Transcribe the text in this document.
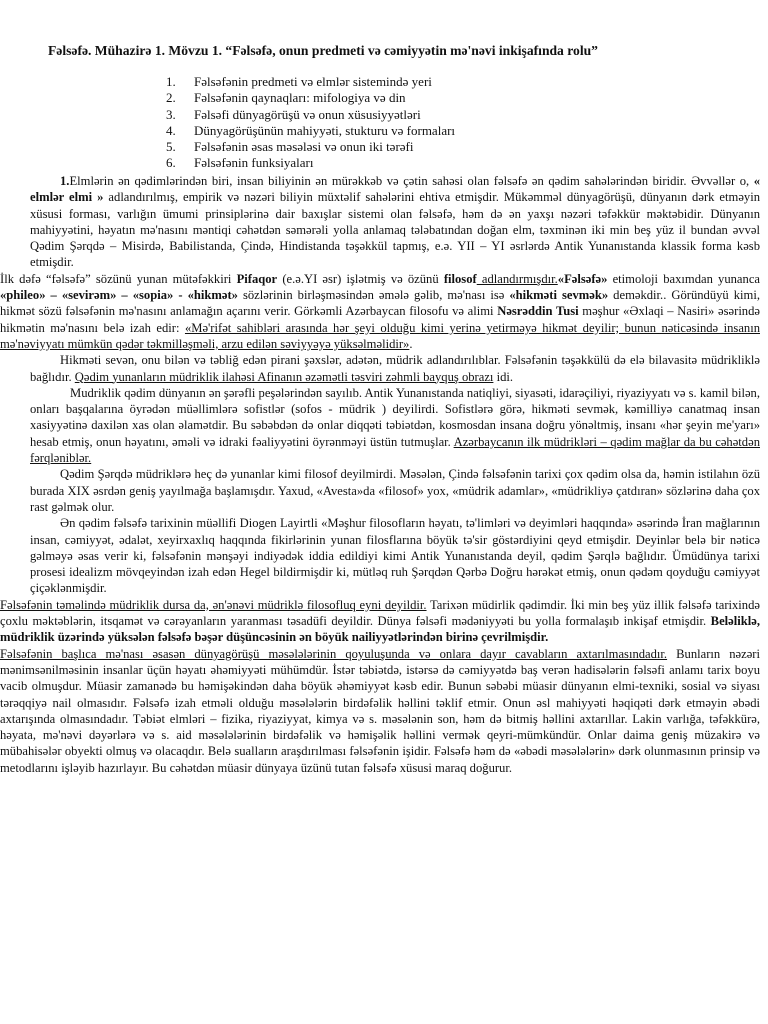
Fəlsəfə. Mühazirə 1. Mövzu 1. “Fəlsəfə, onun predmeti və cəmiyyətin mə'nəvi inkişafında rolu”
1. Fəlsəfənin predmeti və elmlər sistemində yeri
2. Fəlsəfənin qaynaqları: mifologiya və din
3. Fəlsəfi dünyagörüşü və onun xüsusiyyətləri
4. Dünyagörüşünün mahiyyəti, stukturu və formaları
5. Fəlsəfənin əsas məsələsi və onun iki tərəfi
6. Fəlsəfənin funksiyaları

1.Elmlərin ən qədimlərindən biri, insan biliyinin ən mürəkkəb və çətin sahəsi olan fəlsəfə ən qədim sahələrindən biridir. Əvvəllər o, « elmlər elmi » adlandırılmış, empirik və nəzəri biliyin müxtəlif sahələrini ehtiva etmişdir. Mükəmməl dünyagörüşü, dünyanın dərk etməyin xüsusi forması, varlığın ümumi prinsiplərinə dair baxışlar sistemi olan fəlsəfə, həm də ən yaxşı nəzəri təfəkkür məktəbidir. Dünyanın mahiyyətini, həyatın mə'nasını məntiqi cəhətdən səmərəli yolla anlamaq tələbatından doğan elm, təxminən iki min beş yüz il bundan əvvəl Qədim Şərqdə – Misirdə, Babilistanda, Çində, Hindistanda təşəkkül tapmış, e.ə. YII – YI əsrlərdə Antik Yunanıstanda klassik forma kəsb etmişdir.

İlk dəfə “fəlsəfə” sözünü yunan mütəfəkkiri Pifaqor (e.ə.YI əsr) işlətmiş və özünü filosof adlandırmışdır.«Fəlsəfə» etimoloji baxımdan yunanca «phileo» – «sevirəm» – «sopia» - «hikmət» sözlərinin birləşməsindən əmələ gəlib, mə'nası isə «hikməti sevmək» deməkdir.. Göründüyü kimi, hikmət sözü fəlsəfənin mə'nasını anlamağın açarını verir. Görkəmli Azərbaycan filosofu və alimi Nəsrəddin Tusi məşhur «Əxlaqi – Nasiri» əsərində hikmətin mə'nasını belə izah edir: «Mə'rifət sahibləri arasında hər şeyi olduğu kimi yerinə yetirməyə hikmət deyilir; bunun nəticəsində insanın mə'nəviyyatı mümkün qədər təkmilləşməli, arzu edilən səviyyəyə yüksəlməlidir».

Hikməti sevən, onu bilən və təbliğ edən pirani şəxslər, adətən, müdrik adlandırılıblar. Fəlsəfənin təşəkkülü də elə bilavasitə müdrikliklə bağlıdır. Qədim yunanların müdriklik ilahəsi Afinanın əzəmətli təsviri zəhmli bayquş obrazı idi.

Mudriklik qədim dünyanın ən şərəfli peşələrindən sayılıb. Antik Yunanıstanda natiqliyi, siyasəti, idarəçiliyi, riyaziyyatı və s. kamil bilən, onları başqalarına öyrədən müəllimlərə sofistlər (sofos - müdrik ) deyilirdi. Sofistlərə görə, hikməti sevmək, kəmilliyə canatmaq insan xasiyyətinə daxilən xas olan əlamətdir. Bu səbəbdən də onlar diqqəti təbiətdən, kosmosdan insana doğru yönəltmiş, insanı «hər şeyin me'yarı» hesab etmiş, onun həyatını, əməli və idraki fəaliyyətini öyrənməyi üstün tutmuşlar. Azərbaycanın ilk müdrikləri – qədim mağlar da bu cəhətdən fərqləniblər.

Qədim Şərqdə müdriklərə heç də yunanlar kimi filosof deyilmirdi. Məsələn, Çində fəlsəfənin tarixi çox qədim olsa da, həmin istilahın özü burada XIX əsrdən geniş yayılmağa başlamışdır. Yaxud, «Avesta»da «filosof» yox, «müdrik adamlar», «müdrikliyə çatdıran» sözlərinə daha çox rast gəlmək olur.

Ən qədim fəlsəfə tarixinin müəllifi Diogen Layirtli «Məşhur filosofların həyatı, tə'limləri və deyimləri haqqında» əsərində İran mağlarının insan, cəmiyyət, ədalət, xeyirxaxlıq haqqında fikirlərinin yunan filosflarına böyük tə'sir göstərdiyini qeyd etmişdir. Deyinlər belə bir nəticə gəlməyə əsas verir ki, fəlsəfənin mənşəyi indiyədək iddia edildiyi kimi Antik Yunanıstanda deyil, qədim Şərqlə bağlıdır. Ümüdünya tarixi prosesi idealizm mövqeyindən izah edən Hegel bildirmişdir ki, mütləq ruh Şərqdən Qərbə Doğru hərəkət etmiş, onun qədəm qoyduğu cəmiyyət çiçəklənmişdir.

Fəlsəfənin təməlində müdriklik dursa da, ən'ənəvi müdriklə filosofluq eyni deyildir. Tarixən müdirlik qədimdir. İki min beş yüz illik fəlsəfə tarixində çoxlu məktəblərin, itsqamət və cərəyanların yaranması təsadüfi deyildir. Dünya fəlsəfi mədəniyyəti bu yolla formalaşıb inkişaf etmişdir. Beləliklə, müdriklik üzərində yüksələn fəlsəfə bəşər düşüncəsinin ən böyük nailiyyətlərindən birinə çevrilmişdir.

Fəlsəfənin başlıca mə'nası əsasən dünyagörüşü məsələlərinin qoyuluşunda və onlara dayır cavabların axtarılmasındadır. Bunların nəzəri mənimsənilməsinin insanlar üçün həyatı əhəmiyyəti mühümdür. İstər təbiətdə, istərsə də cəmiyyətdə baş verən hadisələrin fəlsəfi anlamı tarix boyu vacib olmuşdur. Müasir zamanədə bu həmişəkindən daha böyük əhəmiyyət kəsb edir. Bunun səbəbi müasir dünyanın elmi-texniki, sosial və siyası tərəqqiyə nail olmasıdır. Fəlsəfə izah etməli olduğu məsələlərin birdəfəlik həllini təklif etmir. Onun əsl mahiyyəti həqiqəti dərk etməyin əbədi axtarışında olmasındadır. Təbiət elmləri – fizika, riyaziyyat, kimya və s. məsələnin son, həm də bitmiş həllini axtarıllar. Lakin varlığa, təfəkkürə, həyata, mə'nəvi dəyərlərə və s. aid məsələlərinin birdəfəlik və həmişəlik həllini vermək qeyri-mümkündür. Onlar daima geniş müzakirə və mübahisələr obyekti olmuş və olacaqdır. Belə sualların araşdırılması fəlsəfənin işidir. Fəlsəfə həm də «əbədi məsələlərin» dərk olunmasının prinsip və metodlarını işləyib hazırlayır. Bu cəhətdən müasir dünyaya üzünü tutan fəlsəfə xüsusi maraq doğurur.
